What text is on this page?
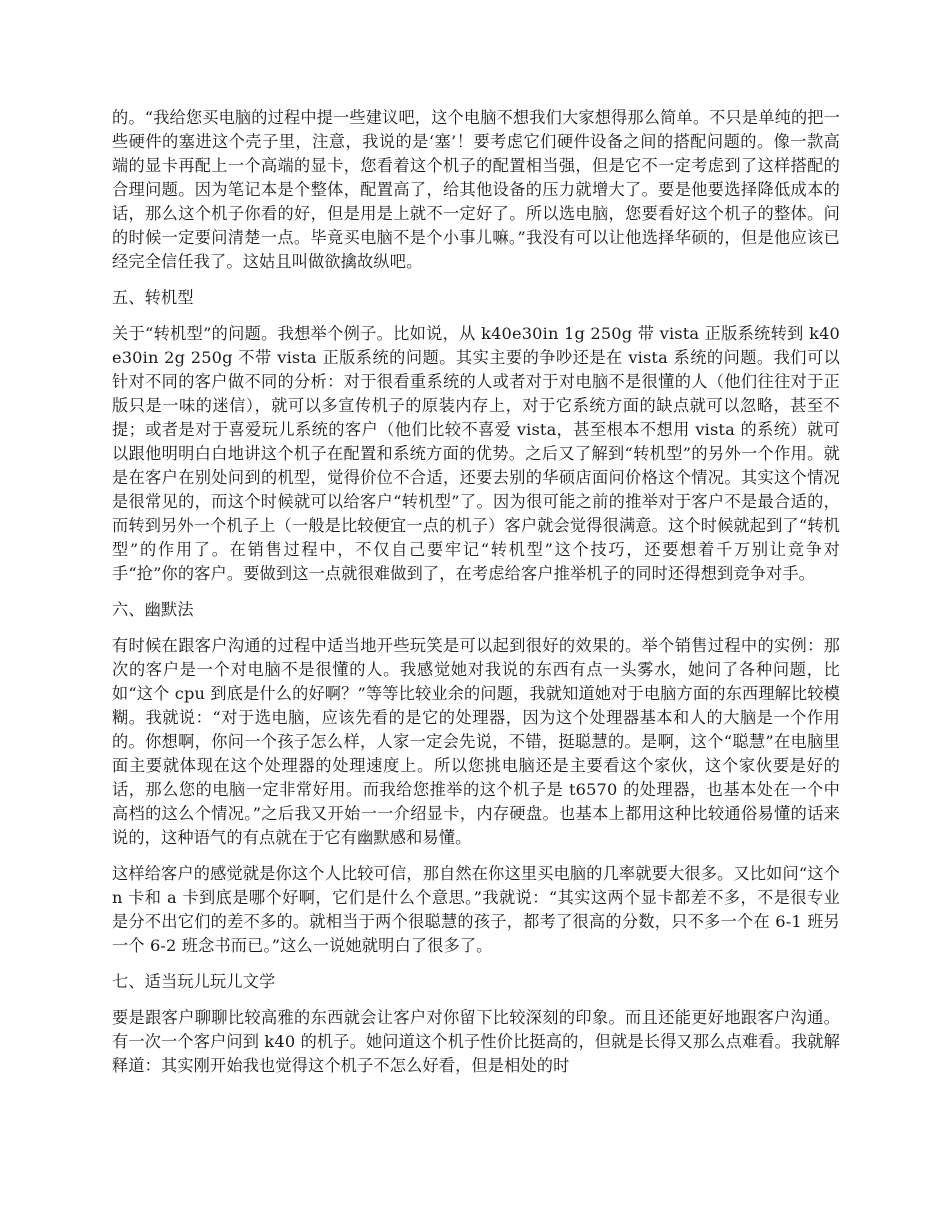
的。“我给您买电脑的过程中提一些建议吧，这个电脑不想我们大家想得那么简单。不只是单纯的把一些硬件的塞进这个壳子里，注意，我说的是‘塞’！要考虑它们硬件设备之间的搭配问题的。像一款高端的显卡再配上一个高端的显卡，您看着这个机子的配置相当强，但是它不一定考虑到了这样搭配的合理问题。因为笔记本是个整体，配置高了，给其他设备的压力就增大了。要是他要选择降低成本的话，那么这个机子你看的好，但是用是上就不一定好了。所以选电脑，您要看好这个机子的整体。问的时候一定要问清楚一点。毕竟买电脑不是个小事儿嘛。”我没有可以让他选择华硕的，但是他应该已经完全信任我了。这姑且叫做欲擒故纵吧。

五、转机型

关于“转机型”的问题。我想举个例子。比如说，从 k40e30in 1g 250g 带 vista 正版系统转到 k40e30in 2g 250g 不带 vista 正版系统的问题。其实主要的争吵还是在 vista 系统的问题。我们可以针对不同的客户做不同的分析：对于很看重系统的人或者对于对电脑不是很懂的人（他们往往对于正版只是一味的迷信），就可以多宣传机子的原装内存上，对于它系统方面的缺点就可以忽略，甚至不提；或者是对于喜爱玩儿系统的客户（他们比较不喜爱 vista，甚至根本不想用 vista 的系统）就可以跟他明明白白地讲这个机子在配置和系统方面的优势。之后又了解到“转机型”的另外一个作用。就是在客户在别处问到的机型，觉得价位不合适，还要去别的华硕店面问价格这个情况。其实这个情况是很常见的，而这个时候就可以给客户“转机型”了。因为很可能之前的推举对于客户不是最合适的，而转到另外一个机子上（一般是比较便宜一点的机子）客户就会觉得很满意。这个时候就起到了“转机型”的作用了。在销售过程中，不仅自己要牢记“转机型”这个技巧，还要想着千万别让竞争对手“抢”你的客户。要做到这一点就很难做到了，在考虑给客户推举机子的同时还得想到竞争对手。

六、幽默法

有时候在跟客户沟通的过程中适当地开些玩笑是可以起到很好的效果的。举个销售过程中的实例：那次的客户是一个对电脑不是很懂的人。我感觉她对我说的东西有点一头雾水，她问了各种问题，比如“这个 cpu 到底是什么的好啊？”等等比较业余的问题，我就知道她对于电脑方面的东西理解比较模糊。我就说：“对于选电脑，应该先看的是它的处理器，因为这个处理器基本和人的大脑是一个作用的。你想啊，你问一个孩子怎么样，人家一定会先说，不错，挺聪慧的。是啊，这个“聪慧”在电脑里面主要就体现在这个处理器的处理速度上。所以您挑电脑还是主要看这个家伙，这个家伙要是好的话，那么您的电脑一定非常好用。而我给您推举的这个机子是 t6570 的处理器，也基本处在一个中高档的这么个情况。”之后我又开始一一介绍显卡，内存硬盘。也基本上都用这种比较通俗易懂的话来说的，这种语气的有点就在于它有幽默感和易懂。

这样给客户的感觉就是你这个人比较可信，那自然在你这里买电脑的几率就要大很多。又比如问“这个 n 卡和 a 卡到底是哪个好啊，它们是什么个意思。”我就说：“其实这两个显卡都差不多，不是很专业是分不出它们的差不多的。就相当于两个很聪慧的孩子，都考了很高的分数，只不多一个在 6-1 班另一个 6-2 班念书而已。”这么一说她就明白了很多了。

七、适当玩儿玩儿文学

要是跟客户聊聊比较高雅的东西就会让客户对你留下比较深刻的印象。而且还能更好地跟客户沟通。有一次一个客户问到 k40 的机子。她问道这个机子性价比挺高的，但就是长得又那么点难看。我就解释道：其实刚开始我也觉得这个机子不怎么好看，但是相处的时
